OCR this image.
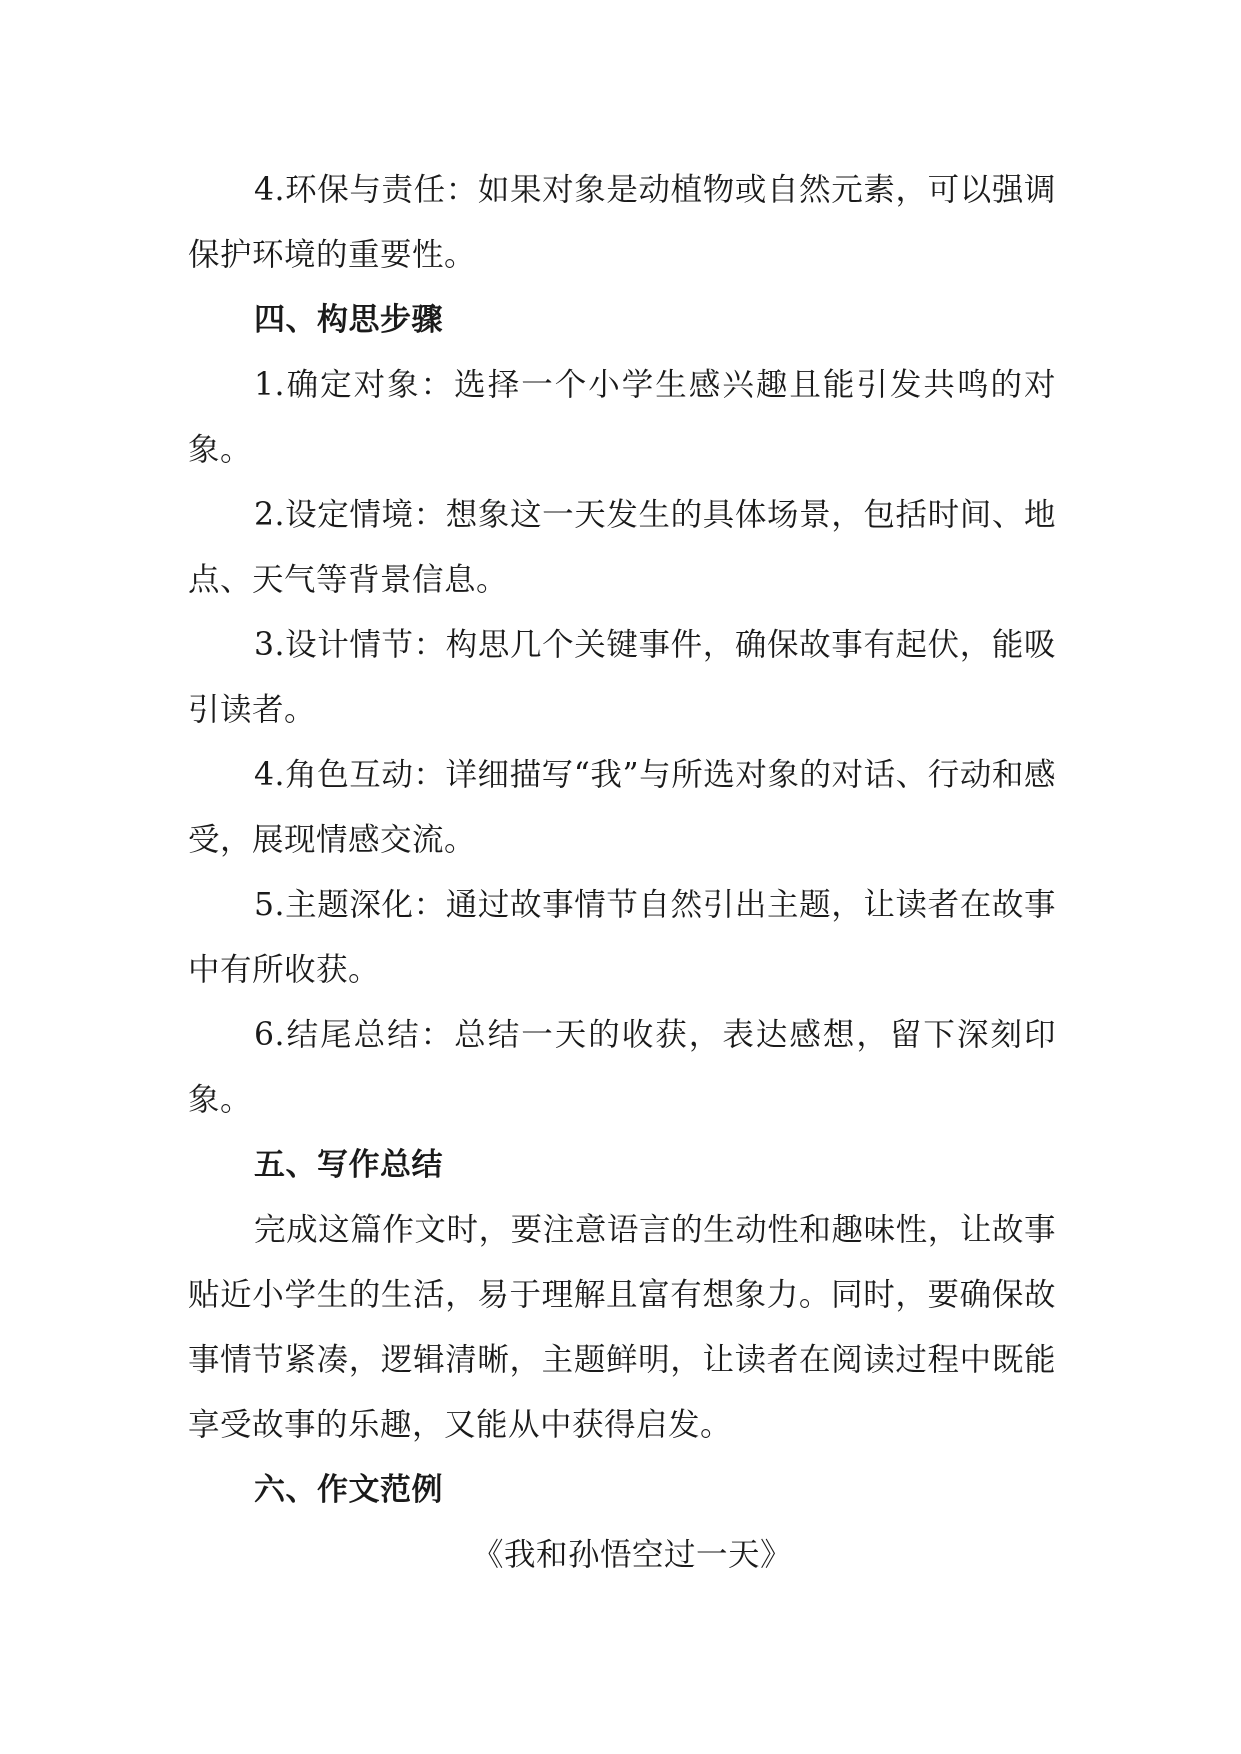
4.环保与责任：如果对象是动植物或自然元素，可以强调保护环境的重要性。

四、构思步骤

1.确定对象：选择一个小学生感兴趣且能引发共鸣的对象。

2.设定情境：想象这一天发生的具体场景，包括时间、地点、天气等背景信息。

3.设计情节：构思几个关键事件，确保故事有起伏，能吸引读者。

4.角色互动：详细描写“我”与所选对象的对话、行动和感受，展现情感交流。

5.主题深化：通过故事情节自然引出主题，让读者在故事中有所收获。

6.结尾总结：总结一天的收获，表达感想，留下深刻印象。

五、写作总结

完成这篇作文时，要注意语言的生动性和趣味性，让故事贴近小学生的生活，易于理解且富有想象力。同时，要确保故事情节紧凑，逻辑清晰，主题鲜明，让读者在阅读过程中既能享受故事的乐趣，又能从中获得启发。

六、作文范例

《我和孙悟空过一天》
